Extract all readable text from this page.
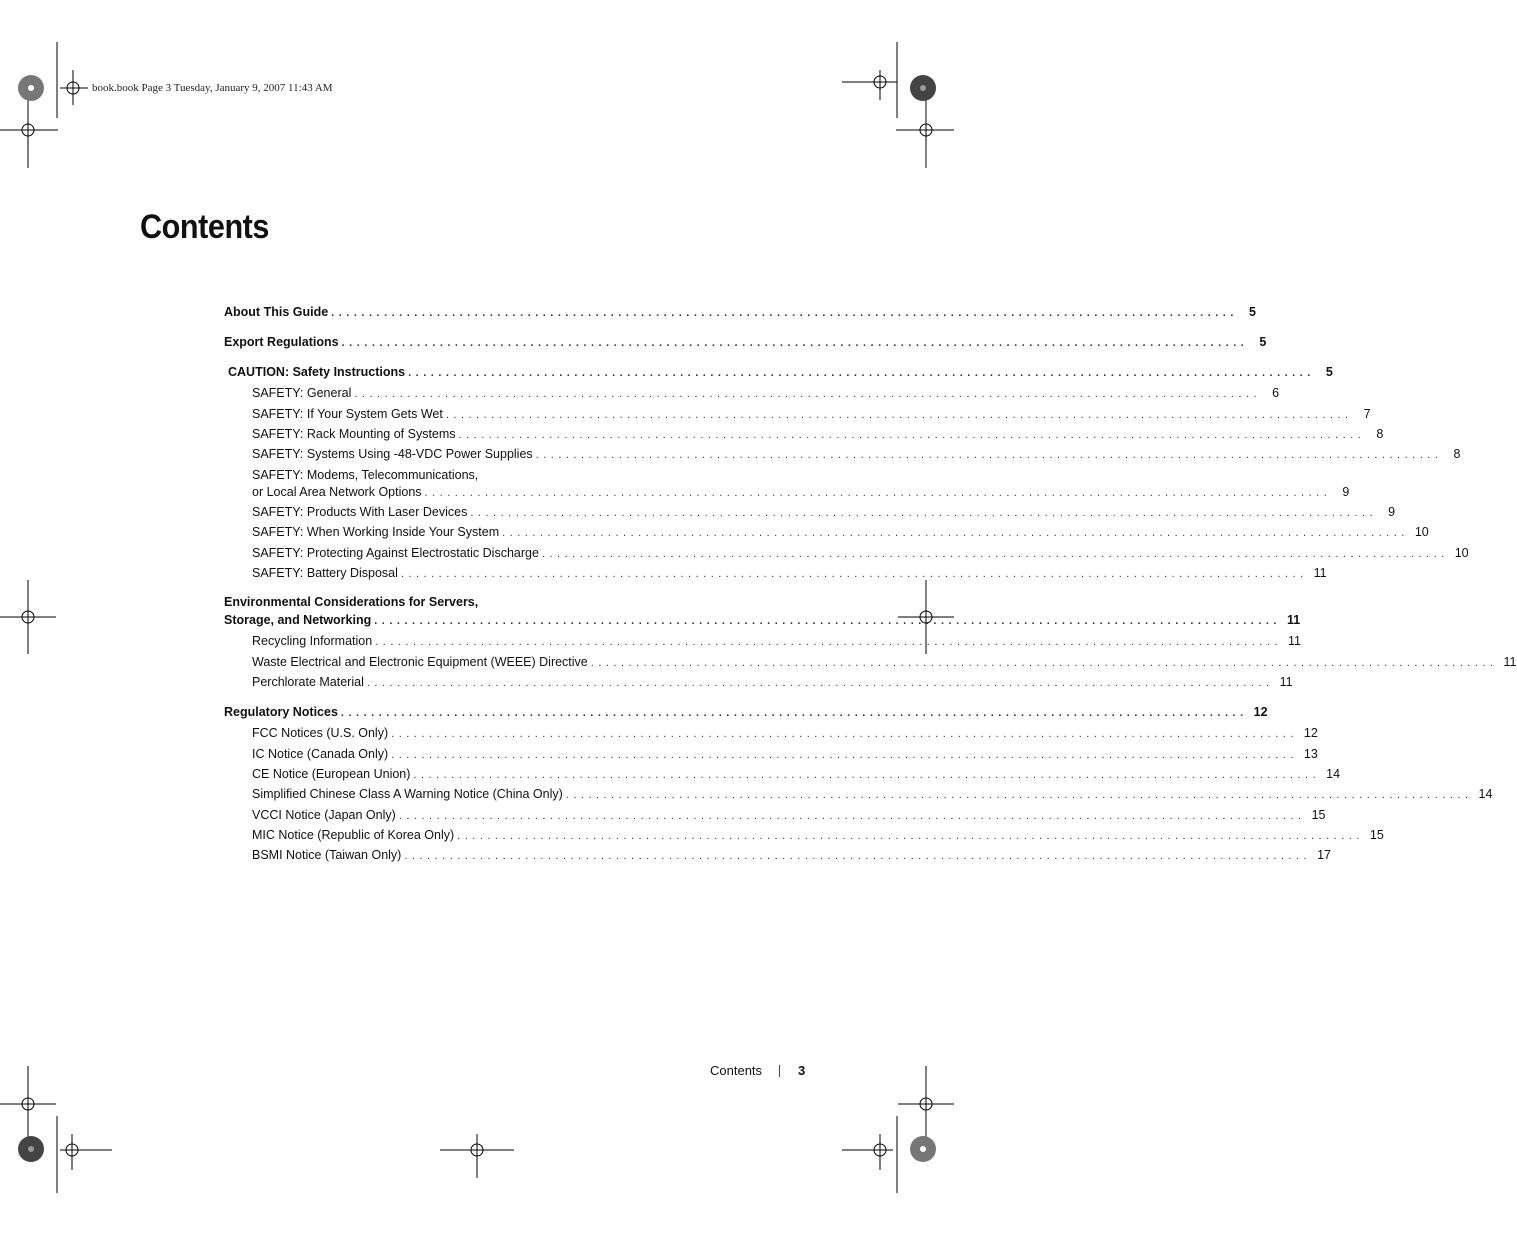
book.book Page 3 Tuesday, January 9, 2007 11:43 AM
Contents
About This Guide ........................................................................................................................ 5
Export Regulations ........................................................................................................................ 5
CAUTION: Safety Instructions ........................................................................................................................ 5
SAFETY: General ........................................................................................................................ 6
SAFETY: If Your System Gets Wet ........................................................................................................................ 7
SAFETY: Rack Mounting of Systems ........................................................................................................................ 8
SAFETY: Systems Using -48-VDC Power Supplies ........................................................................................................................ 8
SAFETY: Modems, Telecommunications,
or Local Area Network Options ........................................................................................................................ 9
SAFETY: Products With Laser Devices ........................................................................................................................ 9
SAFETY: When Working Inside Your System ........................................................................................................................ 10
SAFETY: Protecting Against Electrostatic Discharge ........................................................................................................................ 10
SAFETY: Battery Disposal ........................................................................................................................ 11
Environmental Considerations for Servers,
Storage, and Networking ........................................................................................................................ 11
Recycling Information ........................................................................................................................ 11
Waste Electrical and Electronic Equipment (WEEE) Directive ........................................................................................................................ 11
Perchlorate Material ........................................................................................................................ 11
Regulatory Notices ........................................................................................................................ 12
FCC Notices (U.S. Only) ........................................................................................................................ 12
IC Notice (Canada Only) ........................................................................................................................ 13
CE Notice (European Union) ........................................................................................................................ 14
Simplified Chinese Class A Warning Notice (China Only) ........................................................................................................................ 14
VCCI Notice (Japan Only) ........................................................................................................................ 15
MIC Notice (Republic of Korea Only) ........................................................................................................................ 15
BSMI Notice (Taiwan Only) ........................................................................................................................ 17
Contents	3
